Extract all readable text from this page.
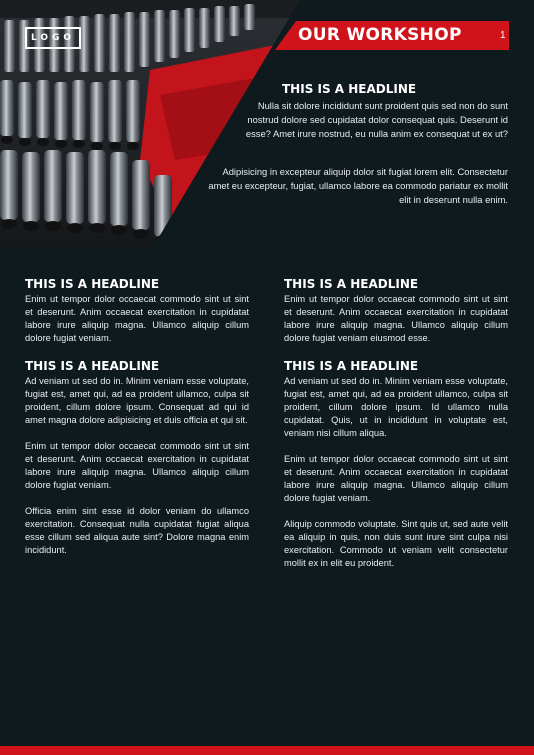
LOGO	OUR WORKSHOP	1
THIS IS A HEADLINE

Nulla sit dolore incididunt sunt proident quis sed non do sunt nostrud dolore sed cupidatat dolor consequat quis. Deserunt id esse? Amet irure nostrud, eu nulla anim ex consequat ut ex ut?

Adipisicing in excepteur aliquip dolor sit fugiat lorem elit. Consectetur amet eu excepteur, fugiat, ullamco labore ea commodo pariatur ex mollit elit in deserunt nulla enim.

THIS IS A HEADLINE

Enim ut tempor dolor occaecat commodo sint ut sint et deserunt. Anim occaecat exercitation in cupidatat labore irure aliquip magna. Ullamco aliquip cillum dolore fugiat veniam.

THIS IS A HEADLINE

Ad veniam ut sed do in. Minim veniam esse voluptate, fugiat est, amet qui, ad ea proident ullamco, culpa sit proident, cillum dolore ipsum. Consequat ad qui id amet magna dolore adipisicing et duis officia et qui sit.

Enim ut tempor dolor occaecat commodo sint ut sint et deserunt. Anim occaecat exercitation in cupidatat labore irure aliquip magna. Ullamco aliquip cillum dolore fugiat veniam.

Officia enim sint esse id dolor veniam do ullamco exercitation. Consequat nulla cupidatat fugiat aliqua esse cillum sed aliqua aute sint? Dolore magna enim incididunt.

THIS IS A HEADLINE

Enim ut tempor dolor occaecat commodo sint ut sint et deserunt. Anim occaecat exercitation in cupidatat labore irure aliquip magna. Ullamco aliquip cillum dolore fugiat veniam eiusmod esse.

THIS IS A HEADLINE

Ad veniam ut sed do in. Minim veniam esse voluptate, fugiat est, amet qui, ad ea proident ullamco, culpa sit proident, cillum dolore ipsum. Id ullamco nulla cupidatat. Quis, ut in incididunt in voluptate est, veniam nisi cillum aliqua.

Enim ut tempor dolor occaecat commodo sint ut sint et deserunt. Anim occaecat exercitation in cupidatat labore irure aliquip magna. Ullamco aliquip cillum dolore fugiat veniam.

Aliquip commodo voluptate. Sint quis ut, sed aute velit ea aliquip in quis, non duis sunt irure sint culpa nisi exercitation. Commodo ut veniam velit consectetur mollit ex in elit eu proident.
